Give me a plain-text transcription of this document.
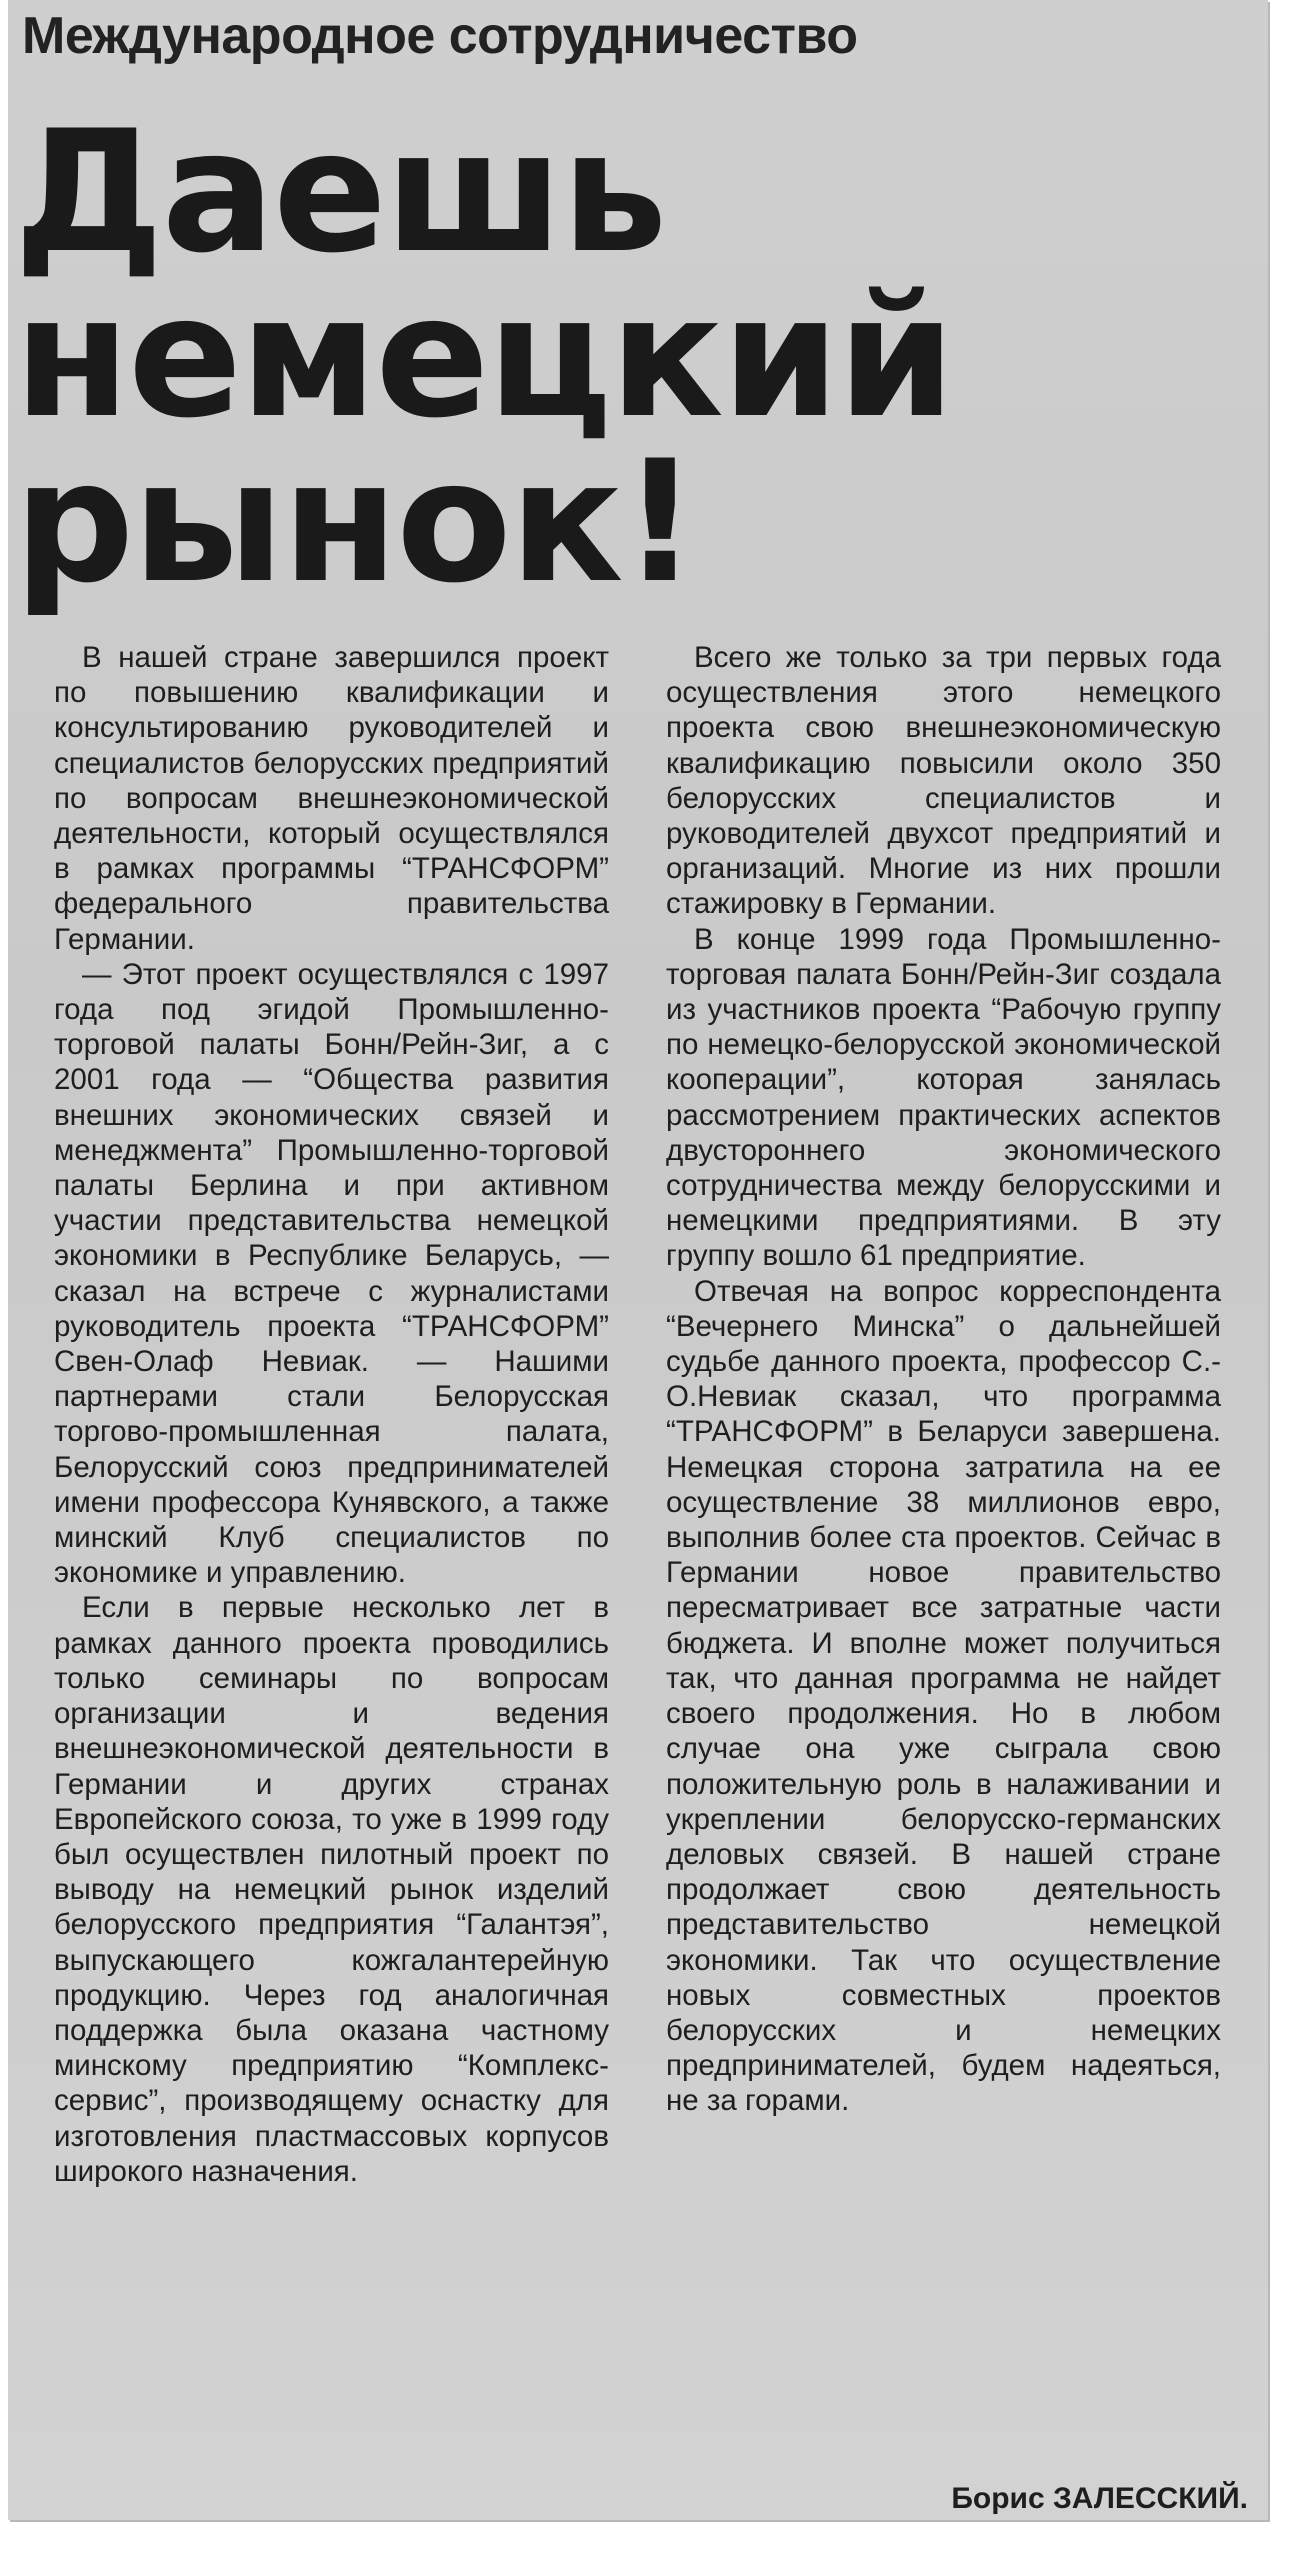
Международное сотрудничество
Даешь
немецкий
рынок!

В нашей стране завершился проект по повышению квалификации и консультированию руководителей и специалистов белорусских предприятий по вопросам внешнеэкономической деятельности, который осуществлялся в рамках программы “ТРАНСФОРМ” федерального правительства Германии.

— Этот проект осуществлялся с 1997 года под эгидой Промышленно-торговой палаты Бонн/Рейн-Зиг, а с 2001 года — “Общества развития внешних экономических связей и менеджмента” Промышленно-торговой палаты Берлина и при активном участии представительства немецкой экономики в Республике Беларусь, — сказал на встрече с журналистами руководитель проекта “ТРАНСФОРМ” Свен-Олаф Невиак. — Нашими партнерами стали Белорусская торгово-промышленная палата, Белорусский союз предпринимателей имени профессора Кунявского, а также минский Клуб специалистов по экономике и управлению.

Если в первые несколько лет в рамках данного проекта проводились только семинары по вопросам организации и ведения внешнеэкономической деятельности в Германии и других странах Европейского союза, то уже в 1999 году был осуществлен пилотный проект по выводу на немецкий рынок изделий белорусского предприятия “Галантэя”, выпускающего кожгалантерейную продукцию. Через год аналогичная поддержка была оказана частному минскому предприятию “Комплекс-сервис”, производящему оснастку для изготовления пластмассовых корпусов широкого назначения.

Всего же только за три первых года осуществления этого немецкого проекта свою внешнеэкономическую квалификацию повысили около 350 белорусских специалистов и руководителей двухсот предприятий и организаций. Многие из них прошли стажировку в Германии.

В конце 1999 года Промышленно-торговая палата Бонн/Рейн-Зиг создала из участников проекта “Рабочую группу по немецко-белорусской экономической кооперации”, которая занялась рассмотрением практических аспектов двустороннего экономического сотрудничества между белорусскими и немецкими предприятиями. В эту группу вошло 61 предприятие.

Отвечая на вопрос корреспондента “Вечернего Минска” о дальнейшей судьбе данного проекта, профессор С.-О.Невиак сказал, что программа “ТРАНСФОРМ” в Беларуси завершена. Немецкая сторона затратила на ее осуществление 38 миллионов евро, выполнив более ста проектов. Сейчас в Германии новое правительство пересматривает все затратные части бюджета. И вполне может получиться так, что данная программа не найдет своего продолжения. Но в любом случае она уже сыграла свою положительную роль в налаживании и укреплении белорусско-германских деловых связей. В нашей стране продолжает свою деятельность представительство немецкой экономики. Так что осуществление новых совместных проектов белорусских и немецких предпринимателей, будем надеяться, не за горами.

Борис ЗАЛЕССКИЙ.
